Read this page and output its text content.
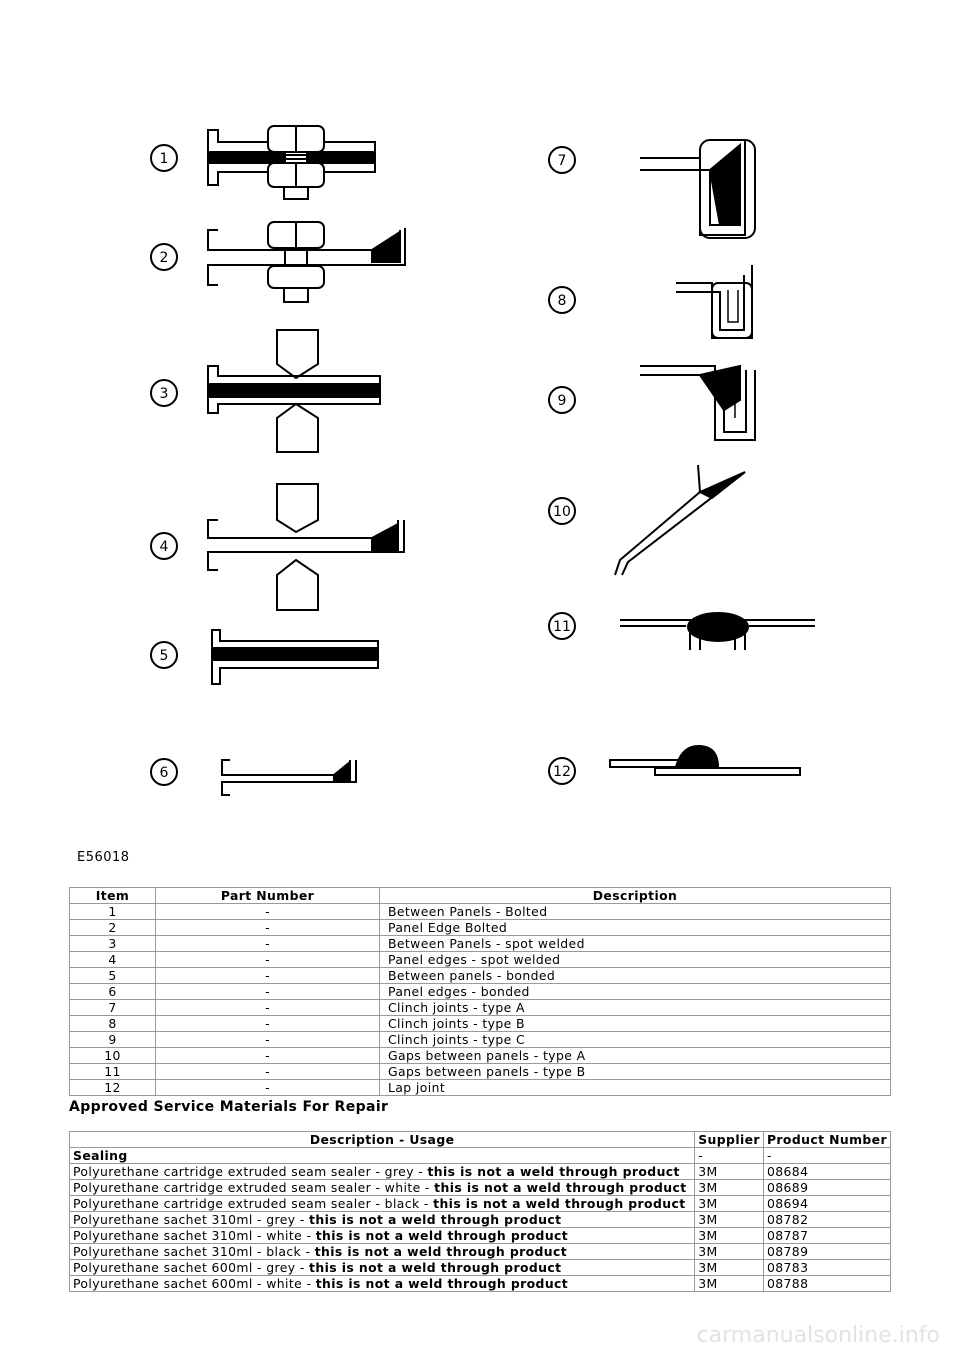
1
2
3
4
5
6
7
8
9
10
11
12
E56018
Item	Part Number	Description
1	-	Between Panels - Bolted
2	-	Panel Edge Bolted
3	-	Between Panels - spot welded
4	-	Panel edges - spot welded
5	-	Between panels - bonded
6	-	Panel edges - bonded
7	-	Clinch joints - type A
8	-	Clinch joints - type B
9	-	Clinch joints - type C
10	-	Gaps between panels - type A
11	-	Gaps between panels - type B
12	-	Lap joint
Approved Service Materials For Repair
Description - Usage	Supplier	Product Number
Sealing	-	-
Polyurethane cartridge extruded seam sealer - grey - this is not a weld through product	3M	08684
Polyurethane cartridge extruded seam sealer - white - this is not a weld through product	3M	08689
Polyurethane cartridge extruded seam sealer - black - this is not a weld through product	3M	08694
Polyurethane sachet 310ml - grey - this is not a weld through product	3M	08782
Polyurethane sachet 310ml - white - this is not a weld through product	3M	08787
Polyurethane sachet 310ml - black - this is not a weld through product	3M	08789
Polyurethane sachet 600ml - grey - this is not a weld through product	3M	08783
Polyurethane sachet 600ml - white - this is not a weld through product	3M	08788
carmanualsonline.info
